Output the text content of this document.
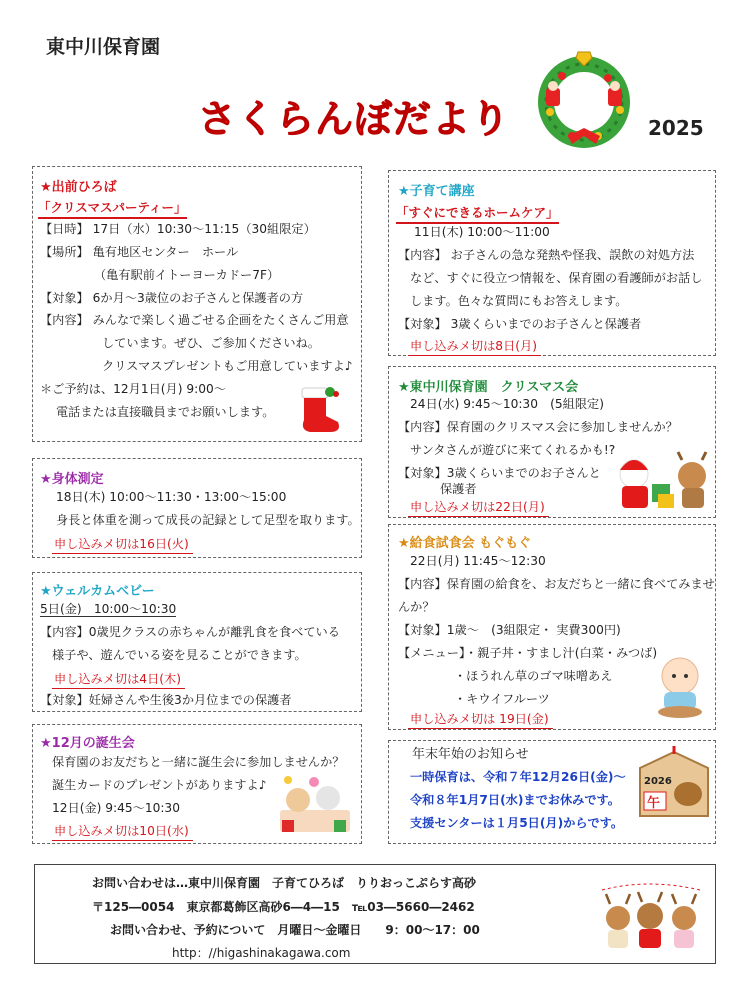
東中川保育園
さくらんぼだより	2025
★出前ひろば
「クリスマスパーティー」
【日時】 17日（水）10:30〜11:15（30組限定）
【場所】 亀有地区センター　ホール
（亀有駅前イトーヨーカドー7F）
【対象】 6か月〜3歳位のお子さんと保護者の方
【内容】 みんなで楽しく過ごせる企画をたくさんご用意
しています。ぜひ、ご参加くださいね。
クリスマスプレゼントもご用意していますよ♪
＊ご予約は、12月1日(月) 9:00〜
電話または直接職員までお願いします。
★身体測定
18日(木) 10:00〜11:30・13:00〜15:00
身長と体重を測って成長の記録として足型を取ります。
申し込みメ切は16日(火)
★ウェルカムベビー
5日(金)　10:00〜10:30
【内容】0歳児クラスの赤ちゃんが離乳食を食べている
様子や、遊んでいる姿を見ることができます。
申し込みメ切は4日(木)
【対象】妊婦さんや生後3か月位までの保護者
★12月の誕生会
保育園のお友だちと一緒に誕生会に参加しませんか？
誕生カードのプレゼントがありますよ♪
12日(金) 9:45〜10:30
申し込みメ切は10日(水)
★子育て講座
「すぐにできるホームケア」
11日(木) 10:00〜11:00
【内容】 お子さんの急な発熱や怪我、誤飲の対処方法
など、すぐに役立つ情報を、保育園の看護師がお話し
します。色々な質問にもお答えします。
【対象】 3歳くらいまでのお子さんと保護者
申し込みメ切は8日(月)
★東中川保育園　クリスマス会
24日(水) 9:45〜10:30　(5組限定)
【内容】保育園のクリスマス会に参加しませんか？
サンタさんが遊びに来てくれるかも!?
【対象】3歳くらいまでのお子さんと
保護者
申し込みメ切は22日(月)
★給食試食会 もぐもぐ
22日(月) 11:45〜12:30
【内容】保育園の給食を、お友だちと一緒に食べてみませ
んか？
【対象】1歳〜　(3組限定・ 実費300円)
【メニュー】・親子丼・すまし汁(白菜・みつば)
・ほうれん草のゴマ味噌あえ
・キウイフルーツ
申し込みメ切は 19日(金)
年末年始のお知らせ
一時保育は、令和７年12月26日(金)〜
令和８年1月7日(水)までお休みです。
支援センターは１月5日(月)からです。
2026
午
お問い合わせは…東中川保育園　子育てひろば　りりおっこぷらす高砂
〒125―0054　東京都葛飾区高砂6―4―15　℡03―5660―2462
お問い合わせ、予約について　月曜日〜金曜日　　9：00〜17：00
http：//higashinakagawa.com
